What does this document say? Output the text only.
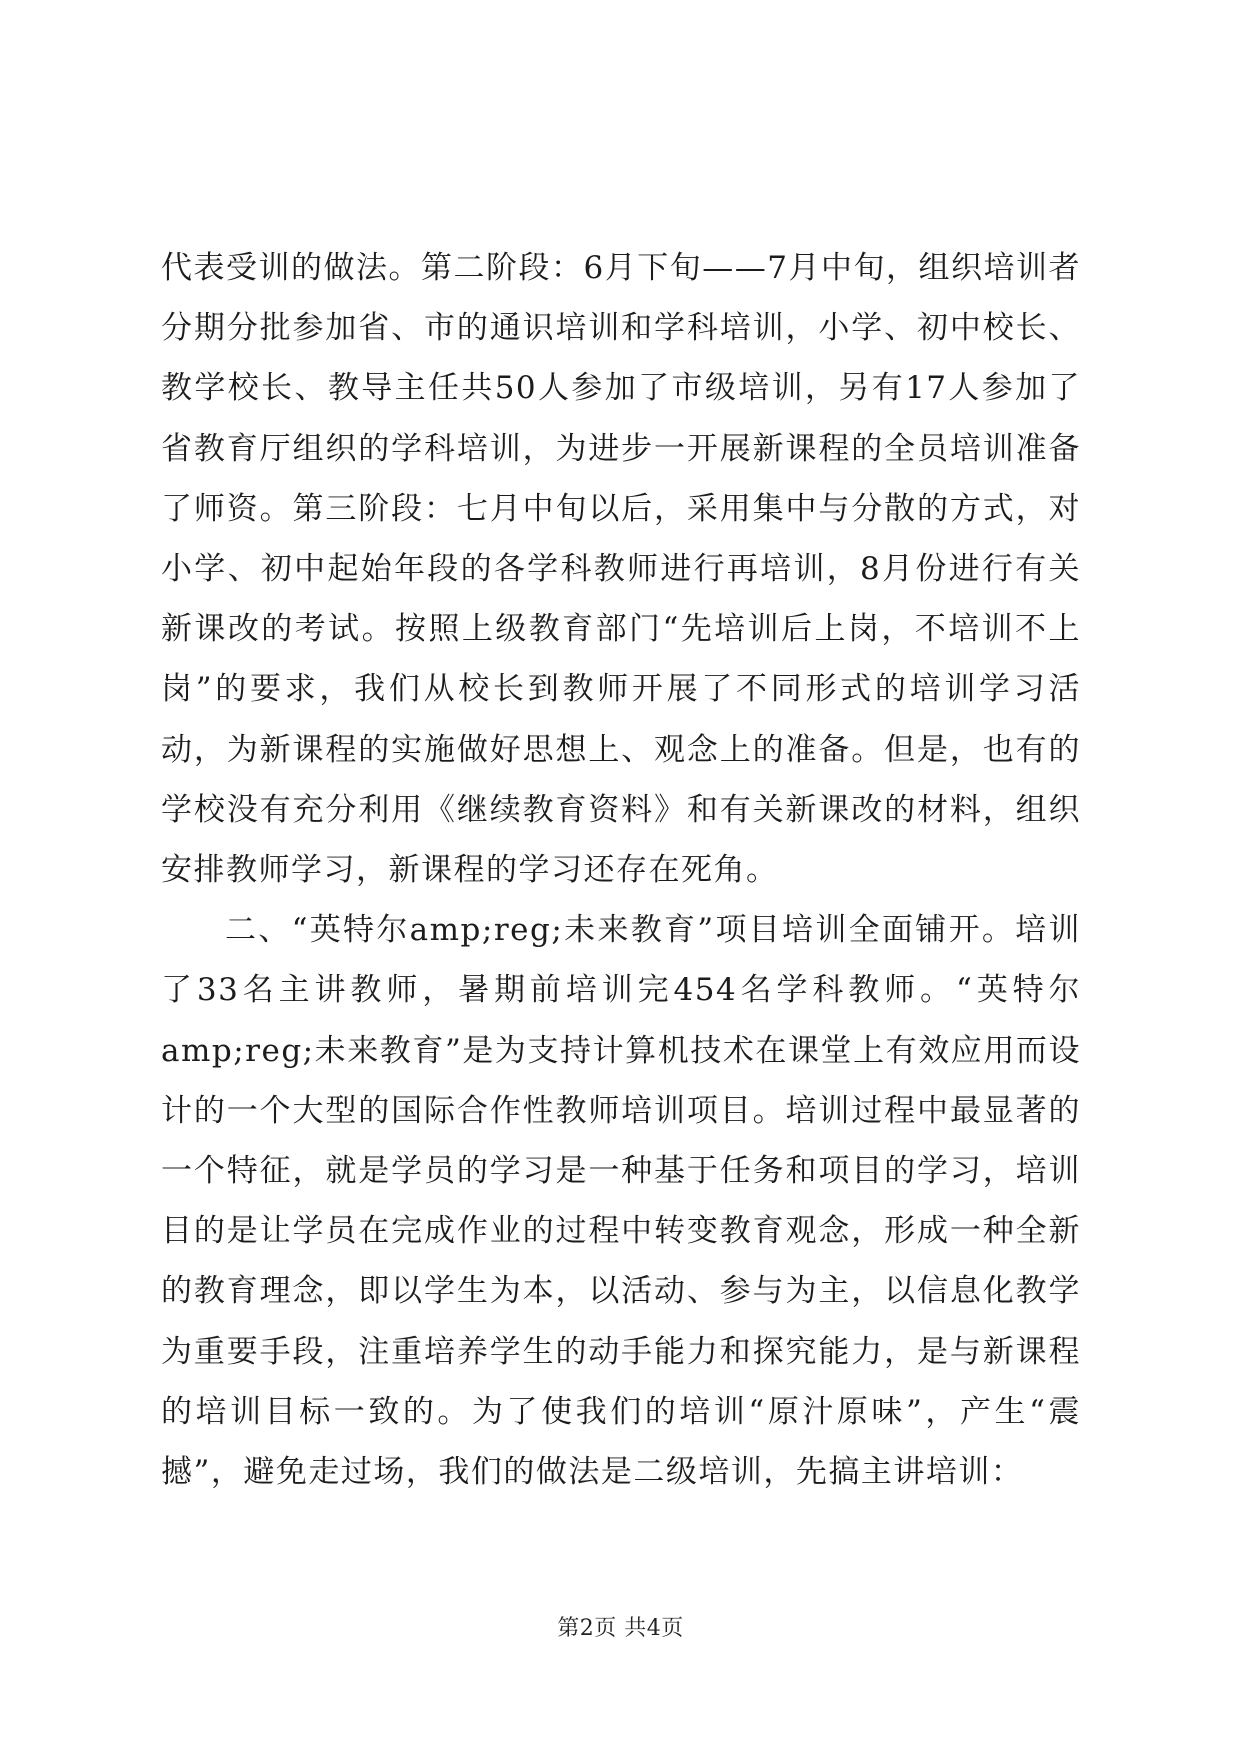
代表受训的做法。第二阶段：6月下旬——7月中旬，组织培训者分期分批参加省、市的通识培训和学科培训，小学、初中校长、教学校长、教导主任共50人参加了市级培训，另有17人参加了省教育厅组织的学科培训，为进步一开展新课程的全员培训准备了师资。第三阶段：七月中旬以后，采用集中与分散的方式，对小学、初中起始年段的各学科教师进行再培训，8月份进行有关新课改的考试。按照上级教育部门“先培训后上岗，不培训不上岗”的要求，我们从校长到教师开展了不同形式的培训学习活动，为新课程的实施做好思想上、观念上的准备。但是，也有的学校没有充分利用《继续教育资料》和有关新课改的材料，组织安排教师学习，新课程的学习还存在死角。

二、“英特尔amp;reg;未来教育”项目培训全面铺开。培训了33名主讲教师，暑期前培训完454名学科教师。“英特尔amp;reg;未来教育”是为支持计算机技术在课堂上有效应用而设计的一个大型的国际合作性教师培训项目。培训过程中最显著的一个特征，就是学员的学习是一种基于任务和项目的学习，培训目的是让学员在完成作业的过程中转变教育观念，形成一种全新的教育理念，即以学生为本，以活动、参与为主，以信息化教学为重要手段，注重培养学生的动手能力和探究能力，是与新课程的培训目标一致的。为了使我们的培训“原汁原味”，产生“震撼”，避免走过场，我们的做法是二级培训，先搞主讲培训：

第2页 共4页
